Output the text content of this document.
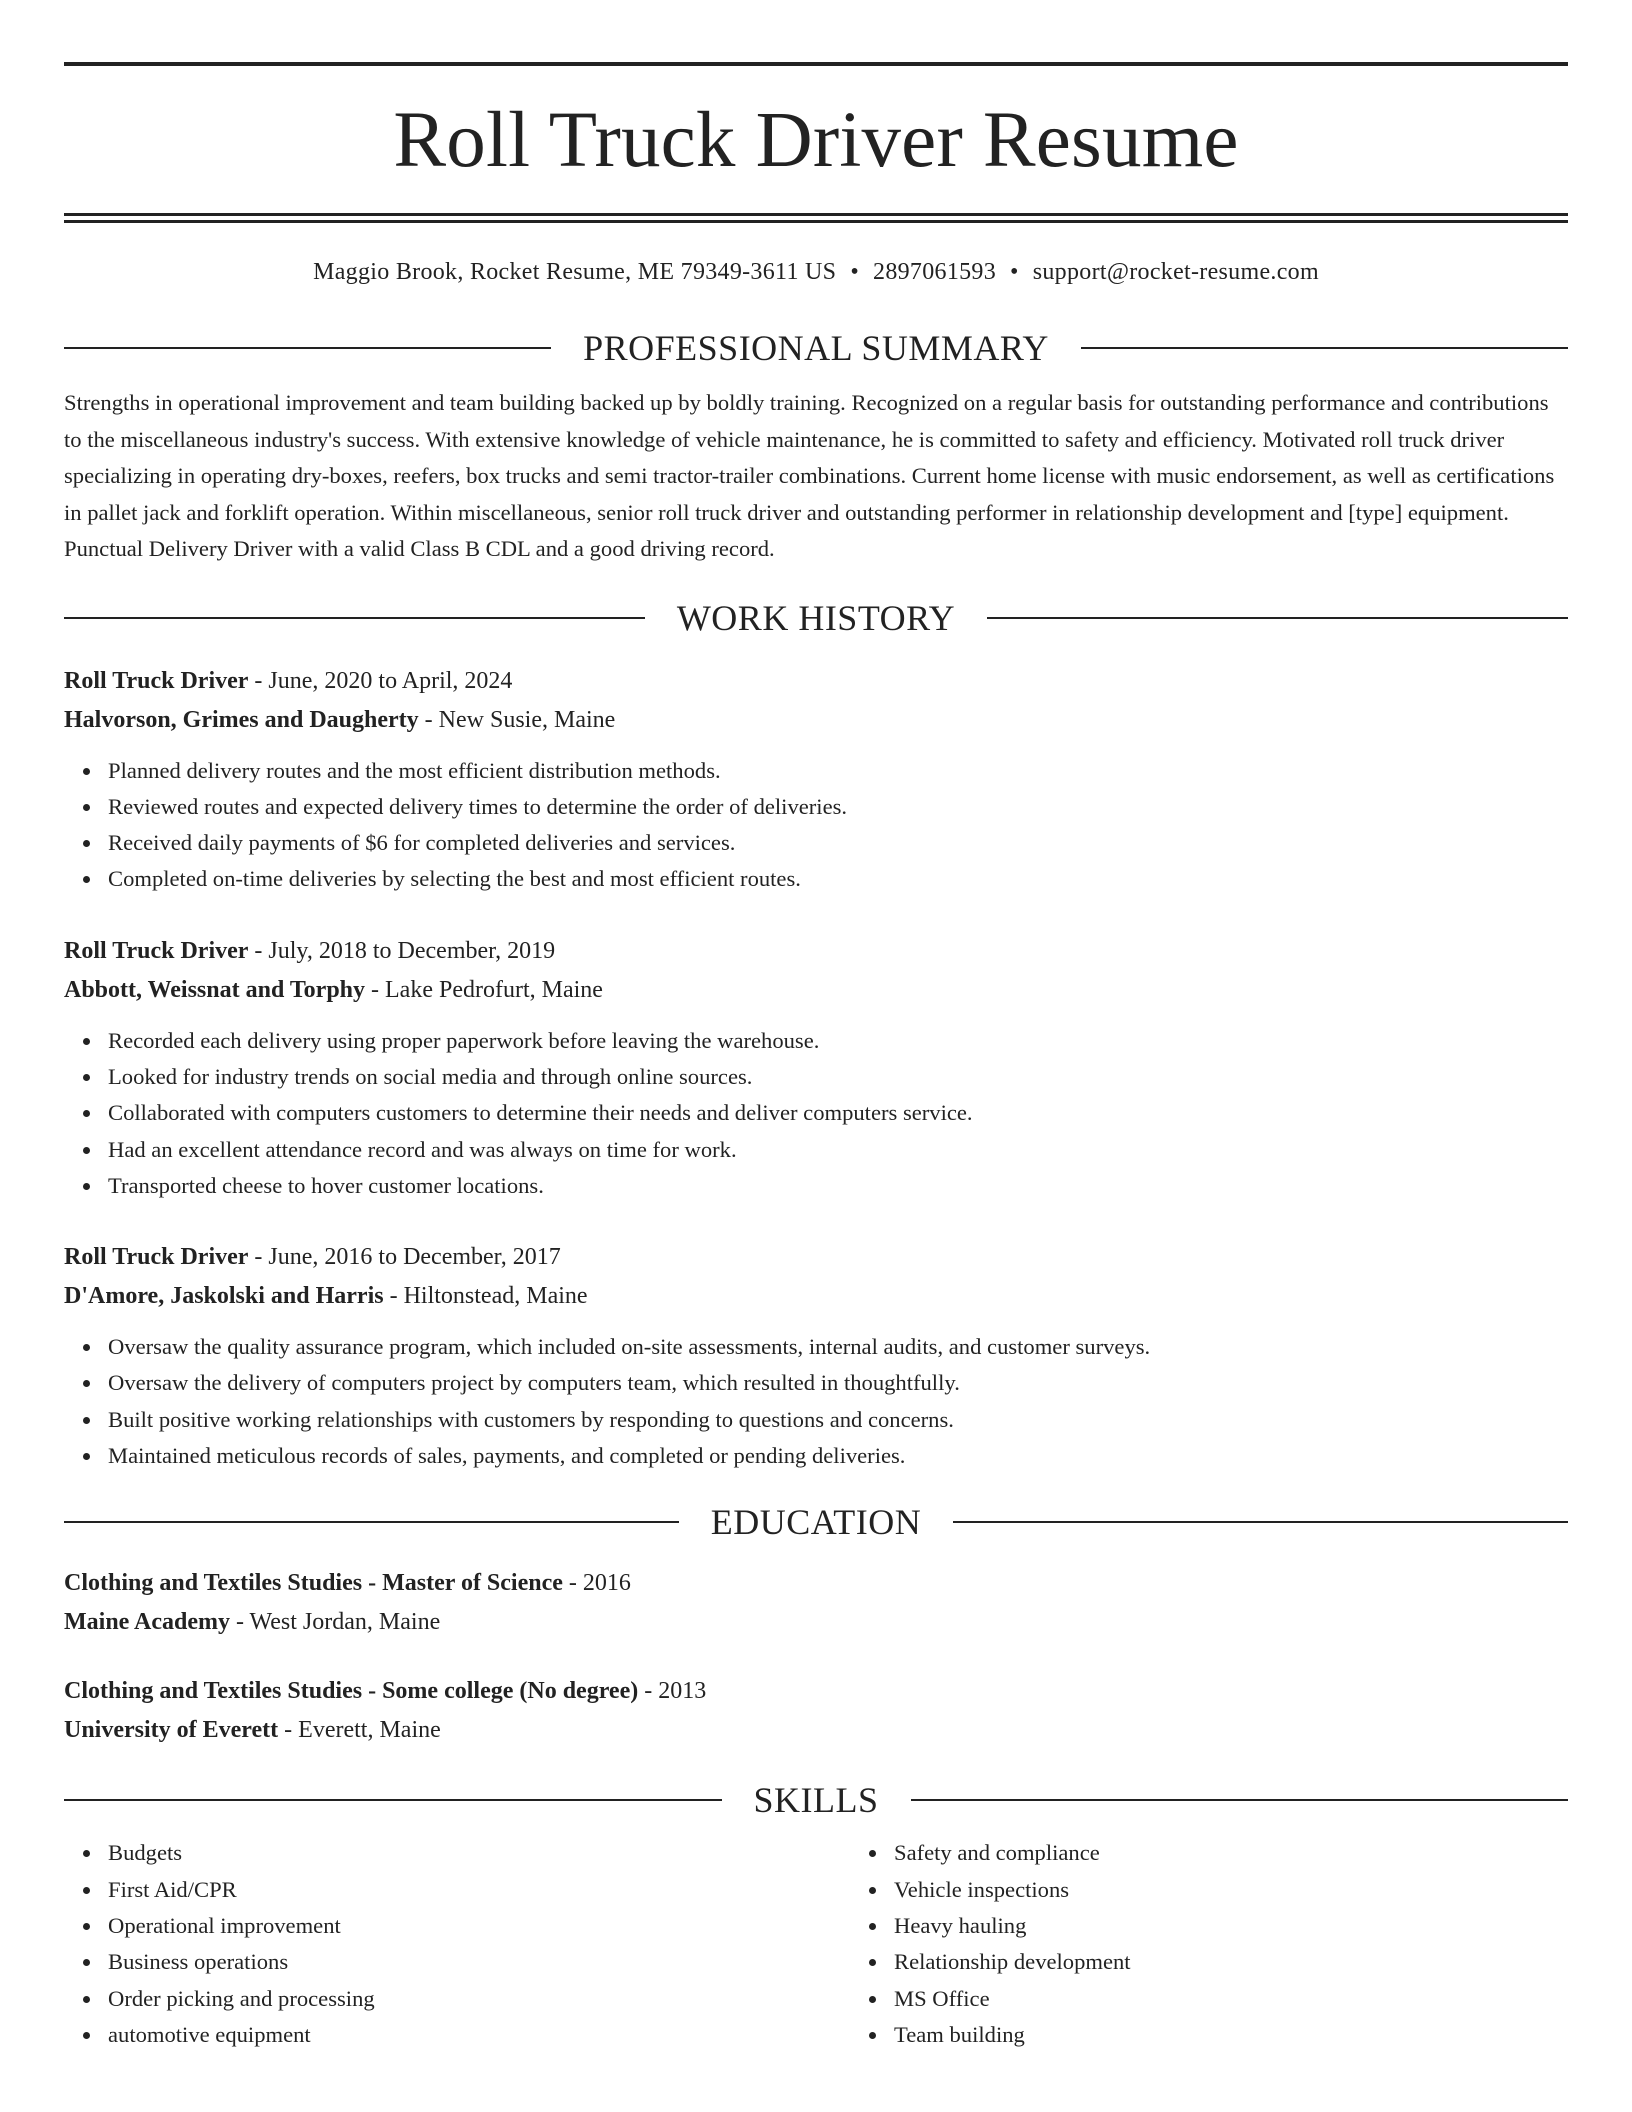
Roll Truck Driver Resume
Maggio Brook, Rocket Resume, ME 79349-3611 US • 2897061593 • support@rocket-resume.com
PROFESSIONAL SUMMARY
Strengths in operational improvement and team building backed up by boldly training. Recognized on a regular basis for outstanding performance and contributions to the miscellaneous industry's success. With extensive knowledge of vehicle maintenance, he is committed to safety and efficiency. Motivated roll truck driver specializing in operating dry-boxes, reefers, box trucks and semi tractor-trailer combinations. Current home license with music endorsement, as well as certifications in pallet jack and forklift operation. Within miscellaneous, senior roll truck driver and outstanding performer in relationship development and [type] equipment. Punctual Delivery Driver with a valid Class B CDL and a good driving record.
WORK HISTORY
Roll Truck Driver - June, 2020 to April, 2024
Halvorson, Grimes and Daugherty - New Susie, Maine
Planned delivery routes and the most efficient distribution methods.
Reviewed routes and expected delivery times to determine the order of deliveries.
Received daily payments of $6 for completed deliveries and services.
Completed on-time deliveries by selecting the best and most efficient routes.
Roll Truck Driver - July, 2018 to December, 2019
Abbott, Weissnat and Torphy - Lake Pedrofurt, Maine
Recorded each delivery using proper paperwork before leaving the warehouse.
Looked for industry trends on social media and through online sources.
Collaborated with computers customers to determine their needs and deliver computers service.
Had an excellent attendance record and was always on time for work.
Transported cheese to hover customer locations.
Roll Truck Driver - June, 2016 to December, 2017
D'Amore, Jaskolski and Harris - Hiltonstead, Maine
Oversaw the quality assurance program, which included on-site assessments, internal audits, and customer surveys.
Oversaw the delivery of computers project by computers team, which resulted in thoughtfully.
Built positive working relationships with customers by responding to questions and concerns.
Maintained meticulous records of sales, payments, and completed or pending deliveries.
EDUCATION
Clothing and Textiles Studies - Master of Science - 2016
Maine Academy - West Jordan, Maine
Clothing and Textiles Studies - Some college (No degree) - 2013
University of Everett - Everett, Maine
SKILLS
Budgets
First Aid/CPR
Operational improvement
Business operations
Order picking and processing
automotive equipment
Safety and compliance
Vehicle inspections
Heavy hauling
Relationship development
MS Office
Team building
